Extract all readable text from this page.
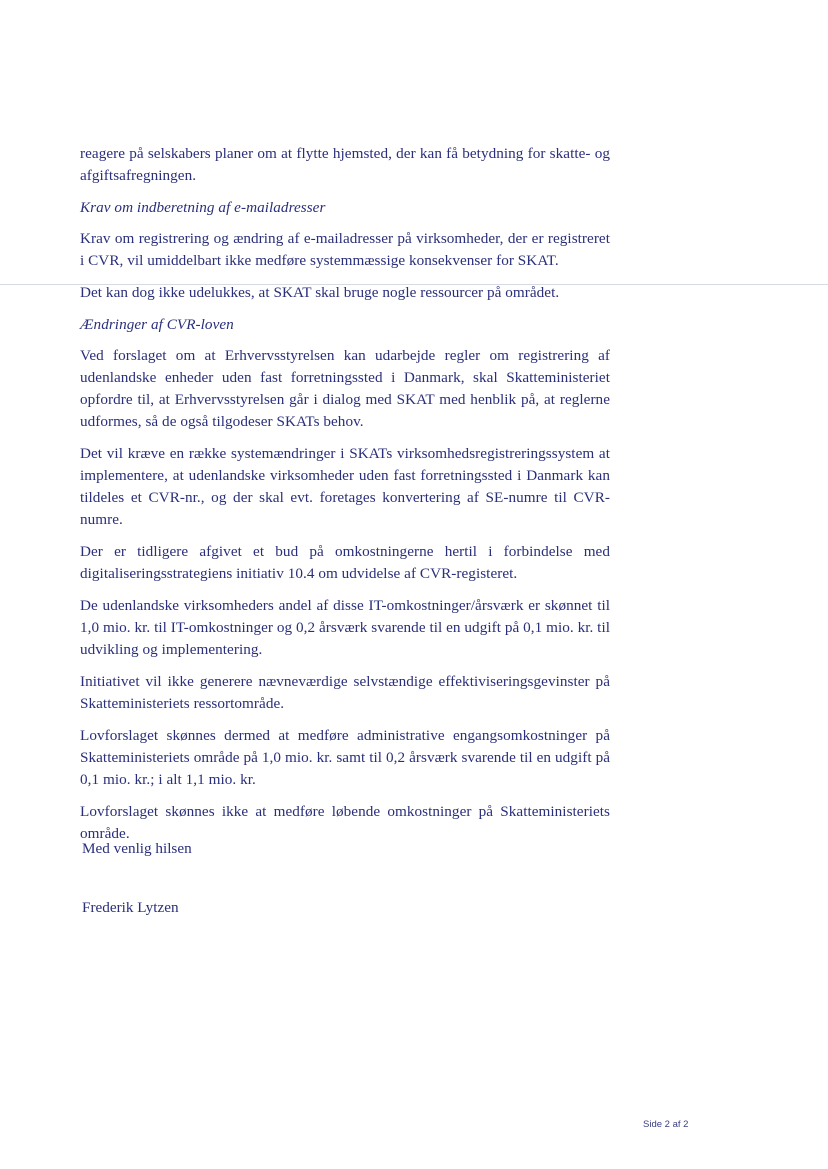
reagere på selskabers planer om at flytte hjemsted, der kan få betydning for skatte- og afgiftsafregningen.

Krav om indberetning af e-mailadresser

Krav om registrering og ændring af e-mailadresser på virksomheder, der er registreret i CVR, vil umiddelbart ikke medføre systemmæssige konsekvenser for SKAT.

Det kan dog ikke udelukkes, at SKAT skal bruge nogle ressourcer på området.

Ændringer af CVR-loven

Ved forslaget om at Erhvervsstyrelsen kan udarbejde regler om registrering af udenlandske enheder uden fast forretningssted i Danmark, skal Skatteministeriet opfordre til, at Erhvervsstyrelsen går i dialog med SKAT med henblik på, at reglerne udformes, så de også tilgodeser SKATs behov.

Det vil kræve en række systemændringer i SKATs virksomhedsregistreringssystem at implementere, at udenlandske virksomheder uden fast forretningssted i Danmark kan tildeles et CVR-nr., og der skal evt. foretages konvertering af SE-numre til CVR-numre.

Der er tidligere afgivet et bud på omkostningerne hertil i forbindelse med digitaliseringsstrategiens initiativ 10.4 om udvidelse af CVR-registeret.

De udenlandske virksomheders andel af disse IT-omkostninger/årsværk er skønnet til 1,0 mio. kr. til IT-omkostninger og 0,2 årsværk svarende til en udgift på 0,1 mio. kr. til udvikling og implementering.

Initiativet vil ikke generere nævneværdige selvstændige effektiviseringsgevinster på Skatteministeriets ressortområde.

Lovforslaget skønnes dermed at medføre administrative engangsomkostninger på Skatteministeriets område på 1,0 mio. kr. samt til 0,2 årsværk svarende til en udgift på 0,1 mio. kr.; i alt 1,1 mio. kr.

Lovforslaget skønnes ikke at medføre løbende omkostninger på Skatteministeriets område.

Med venlig hilsen
Frederik Lytzen
Side 2 af 2
